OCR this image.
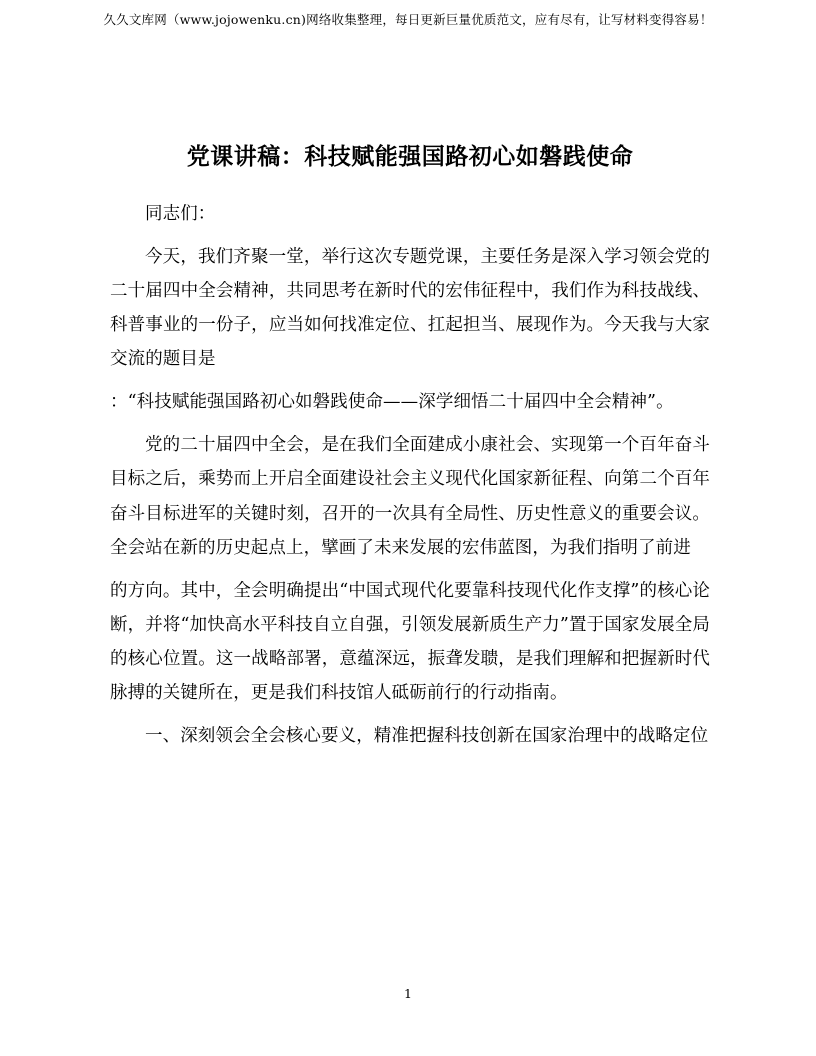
久久文库网（www.jojowenku.cn)网络收集整理，每日更新巨量优质范文，应有尽有，让写材料变得容易！
党课讲稿：科技赋能强国路初心如磐践使命

同志们：

今天，我们齐聚一堂，举行这次专题党课，主要任务是深入学习领会党的二十届四中全会精神，共同思考在新时代的宏伟征程中，我们作为科技战线、科普事业的一份子，应当如何找准定位、扛起担当、展现作为。今天我与大家交流的题目是

：“科技赋能强国路初心如磐践使命——深学细悟二十届四中全会精神”。

党的二十届四中全会，是在我们全面建成小康社会、实现第一个百年奋斗目标之后，乘势而上开启全面建设社会主义现代化国家新征程、向第二个百年奋斗目标进军的关键时刻，召开的一次具有全局性、历史性意义的重要会议。全会站在新的历史起点上，擘画了未来发展的宏伟蓝图，为我们指明了前进

的方向。其中，全会明确提出“中国式现代化要靠科技现代化作支撑”的核心论断，并将“加快高水平科技自立自强，引领发展新质生产力”置于国家发展全局的核心位置。这一战略部署，意蕴深远，振聋发聩，是我们理解和把握新时代脉搏的关键所在，更是我们科技馆人砥砺前行的行动指南。

一、深刻领会全会核心要义，精准把握科技创新在国家治理中的战略定位

1
